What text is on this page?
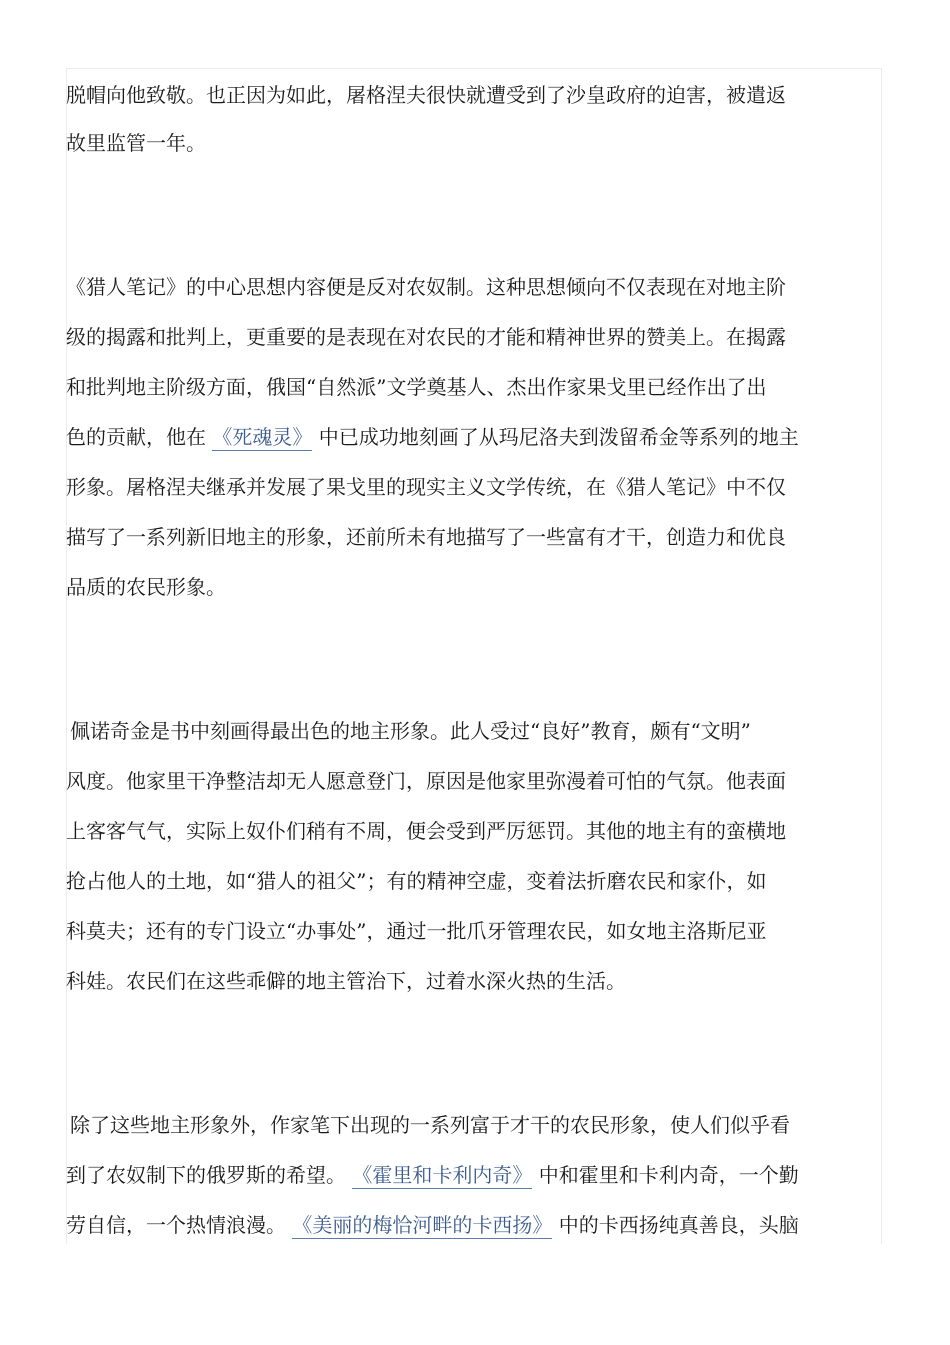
脱帽向他致敬。也正因为如此，屠格涅夫很快就遭受到了沙皇政府的迫害，被遣返
故里监管一年。
《猎人笔记》的中心思想内容便是反对农奴制。这种思想倾向不仅表现在对地主阶
级的揭露和批判上，更重要的是表现在对农民的才能和精神世界的赞美上。在揭露
和批判地主阶级方面，俄国“自然派”文学奠基人、杰出作家果戈里已经作出了出
色的贡献，他在 《死魂灵》 中已成功地刻画了从玛尼洛夫到泼留希金等系列的地主
形象。屠格涅夫继承并发展了果戈里的现实主义文学传统，在《猎人笔记》中不仅
描写了一系列新旧地主的形象，还前所未有地描写了一些富有才干，创造力和优良
品质的农民形象。
佩诺奇金是书中刻画得最出色的地主形象。此人受过“良好”教育，颇有“文明”
风度。他家里干净整洁却无人愿意登门，原因是他家里弥漫着可怕的气氛。他表面
上客客气气，实际上奴仆们稍有不周，便会受到严厉惩罚。其他的地主有的蛮横地
抢占他人的土地，如“猎人的祖父”；有的精神空虚，变着法折磨农民和家仆，如
科莫夫；还有的专门设立“办事处”，通过一批爪牙管理农民，如女地主洛斯尼亚
科娃。农民们在这些乖僻的地主管治下，过着水深火热的生活。
除了这些地主形象外，作家笔下出现的一系列富于才干的农民形象，使人们似乎看
到了农奴制下的俄罗斯的希望。 《霍里和卡利内奇》 中和霍里和卡利内奇，一个勤
劳自信，一个热情浪漫。 《美丽的梅恰河畔的卡西扬》 中的卡西扬纯真善良，头脑
